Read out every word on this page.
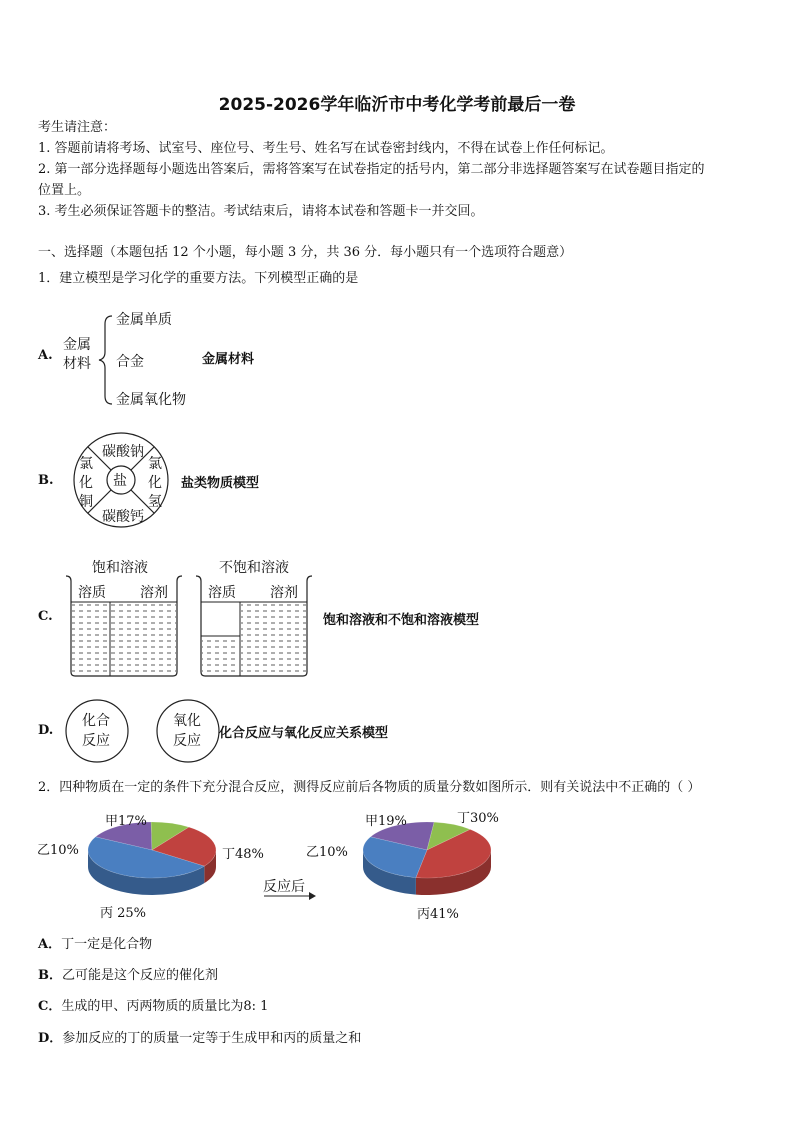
2025-2026学年临沂市中考化学考前最后一卷
考生请注意：
1. 答题前请将考场、试室号、座位号、考生号、姓名写在试卷密封线内，不得在试卷上作任何标记。
2. 第一部分选择题每小题选出答案后，需将答案写在试卷指定的括号内，第二部分非选择题答案写在试卷题目指定的
位置上。
3. 考生必须保证答题卡的整洁。考试结束后，请将本试卷和答题卡一并交回。
一、选择题（本题包括 12 个小题，每小题 3 分，共 36 分．每小题只有一个选项符合题意）
1．建立模型是学习化学的重要方法。下列模型正确的是
A.
金属
材料
金属单质
合金
金属氧化物
金属材料
B.	盐
碳酸钠
碳酸钙
氯
化
铜
氯
化
氢
盐类物质模型
C.
饱和溶液	不饱和溶液
溶质 溶剂	溶质 溶剂
饱和溶液和不饱和溶液模型
D.
化合
反应
氧化
反应 化合反应与氧化反应关系模型
2．四种物质在一定的条件下充分混合反应，测得反应前后各物质的质量分数如图所示．则有关说法中不正确的（ ）
反应后
甲17%
乙10%
丙 25%
丁48%
甲19%
乙10%
丙41%
丁30%
A．丁一定是化合物
B．乙可能是这个反应的催化剂
C．生成的甲、丙两物质的质量比为8: 1
D．参加反应的丁的质量一定等于生成甲和丙的质量之和
